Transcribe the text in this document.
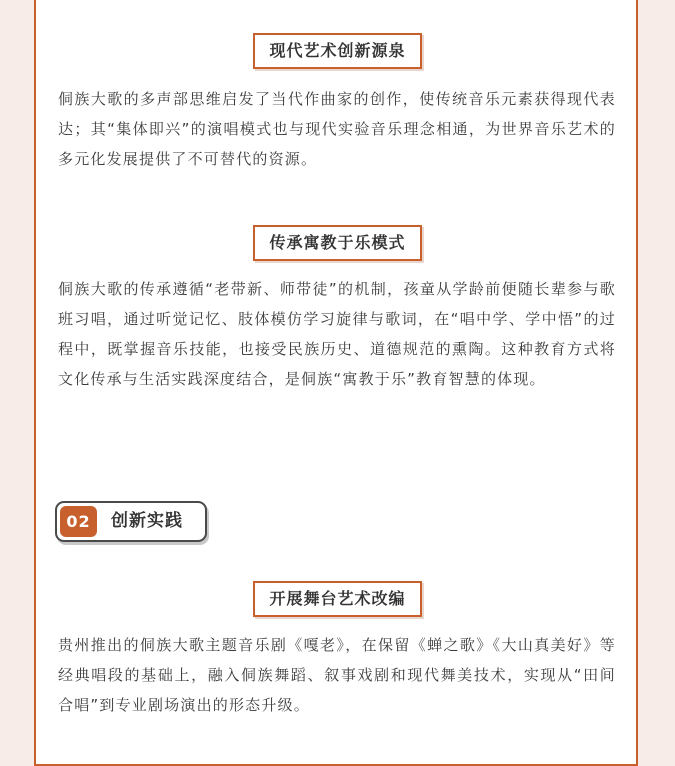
现代艺术创新源泉

侗族大歌的多声部思维启发了当代作曲家的创作，使传统音乐元素获得现代表达；其“集体即兴”的演唱模式也与现代实验音乐理念相通，为世界音乐艺术的多元化发展提供了不可替代的资源。

传承寓教于乐模式

侗族大歌的传承遵循“老带新、师带徒”的机制，孩童从学龄前便随长辈参与歌班习唱，通过听觉记忆、肢体模仿学习旋律与歌词，在“唱中学、学中悟”的过程中，既掌握音乐技能，也接受民族历史、道德规范的熏陶。这种教育方式将文化传承与生活实践深度结合，是侗族“寓教于乐”教育智慧的体现。

02	创新实践
开展舞台艺术改编

贵州推出的侗族大歌主题音乐剧《嘎老》，在保留《蝉之歌》《大山真美好》等经典唱段的基础上，融入侗族舞蹈、叙事戏剧和现代舞美技术，实现从“田间合唱”到专业剧场演出的形态升级。
